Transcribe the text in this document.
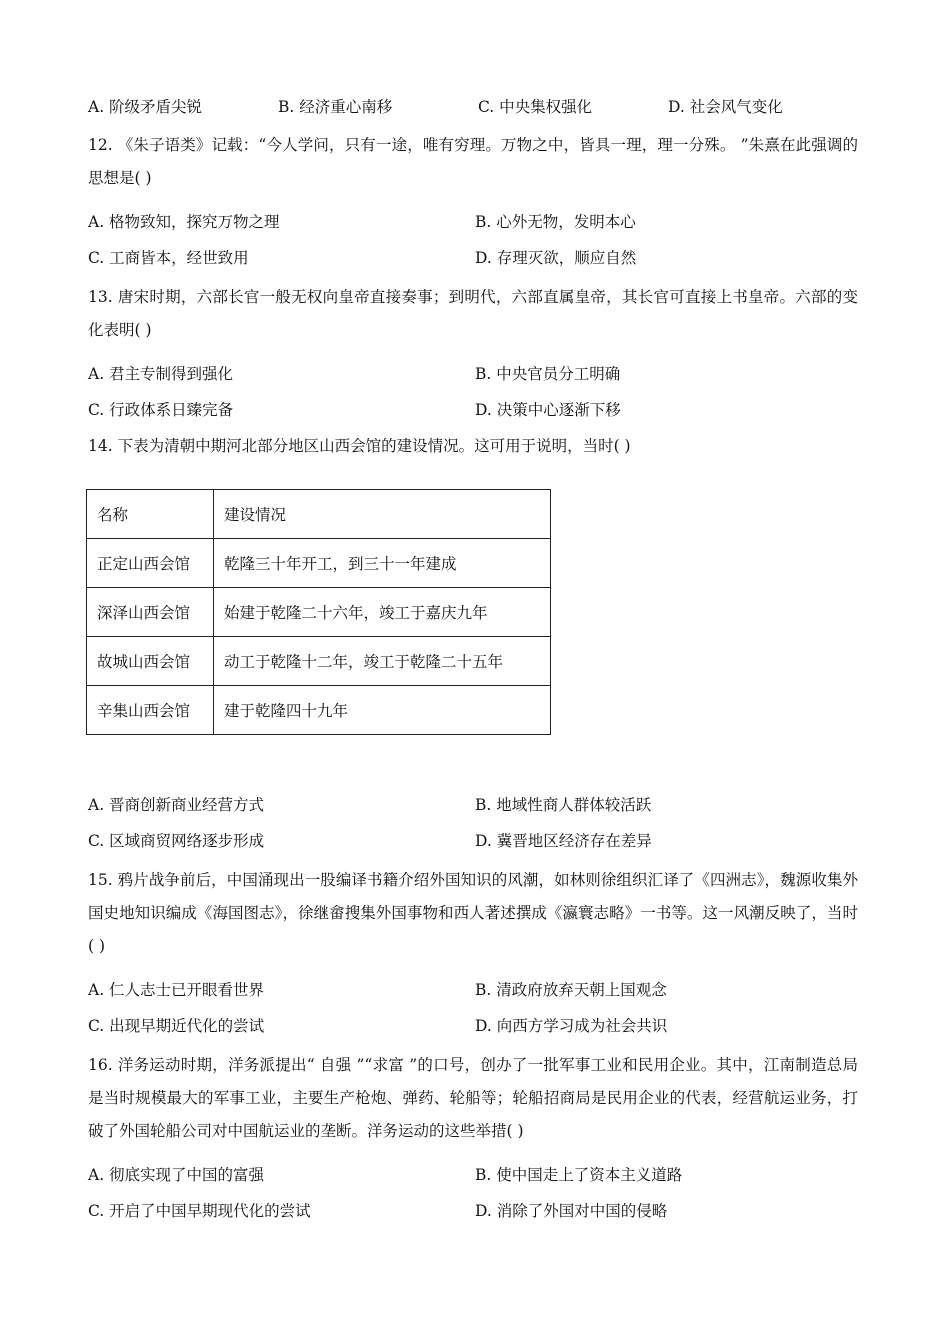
A. 阶级矛盾尖锐	B. 经济重心南移	C. 中央集权强化	D. 社会风气变化
12. 《朱子语类》记载：“今人学问，只有一途，唯有穷理。万物之中，皆具一理，理一分殊。 ”朱熹在此强调的思想是( )
A. 格物致知，探究万物之理	B. 心外无物，发明本心
C. 工商皆本，经世致用	D. 存理灭欲，顺应自然
13. 唐宋时期，六部长官一般无权向皇帝直接奏事；到明代，六部直属皇帝，其长官可直接上书皇帝。六部的变化表明( )
A. 君主专制得到强化	B. 中央官员分工明确
C. 行政体系日臻完备	D. 决策中心逐渐下移
14. 下表为清朝中期河北部分地区山西会馆的建设情况。这可用于说明，当时( )
名称	建设情况
正定山西会馆	乾隆三十年开工，到三十一年建成
深泽山西会馆	始建于乾隆二十六年，竣工于嘉庆九年
故城山西会馆	动工于乾隆十二年，竣工于乾隆二十五年
辛集山西会馆	建于乾隆四十九年
A. 晋商创新商业经营方式	B. 地域性商人群体较活跃
C. 区域商贸网络逐步形成	D. 冀晋地区经济存在差异
15. 鸦片战争前后，中国涌现出一股编译书籍介绍外国知识的风潮，如林则徐组织汇译了《四洲志》，魏源收集外国史地知识编成《海国图志》，徐继畲搜集外国事物和西人著述撰成《瀛寰志略》一书等。这一风潮反映了，当时( )
A. 仁人志士已开眼看世界	B. 清政府放弃天朝上国观念
C. 出现早期近代化的尝试	D. 向西方学习成为社会共识
16. 洋务运动时期，洋务派提出“ 自强 ”“求富 ”的口号，创办了一批军事工业和民用企业。其中，江南制造总局是当时规模最大的军事工业，主要生产枪炮、弹药、轮船等；轮船招商局是民用企业的代表，经营航运业务，打破了外国轮船公司对中国航运业的垄断。洋务运动的这些举措( )
A. 彻底实现了中国的富强	B. 使中国走上了资本主义道路
C. 开启了中国早期现代化的尝试	D. 消除了外国对中国的侵略
